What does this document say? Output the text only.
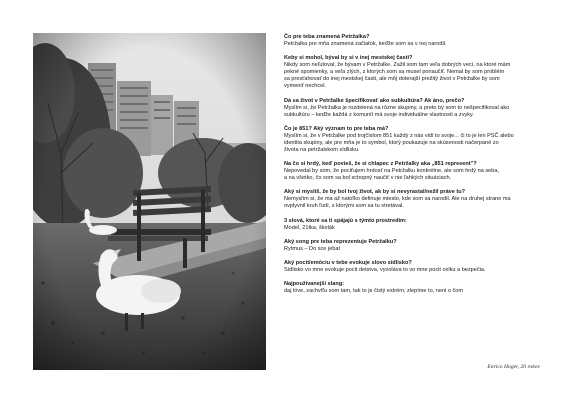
Čo pre teba znamená Petržalka?
Petržalka pre mňa znamená začiatok, keďže som sa v nej narodil.
Keby si mohol, býval by si v inej mestskej časti?
Nikdy som neľutoval, že bývam v Petržalke. Zažil som tam veľa dobrých vecí, na ktoré mám
pekné spomienky, a veľa zlých, z ktorých som sa musel ponaučiť. Nemal by som problém
sa presťahovať do inej mestskej časti, ale môj doterajší prežitý život v Petržalke by som
vymeniť nechcel.
Dá sa život v Petržalke špecifikovať ako subkultúra? Ak áno, prečo?
Myslím si, že Petržalka je rozdelená na rôzne skupiny, a preto by som to nešpecifikoval ako
subkultúru – keďže každá z komunít má svoje individuálne vlastnosti a zvyky.
Čo je 851? Aký význam to pre teba má?
Myslím si, že v Petržalke pod trojčíslom 851 každý z nás vidí to svoje... či to je len PSČ alebo
identita skupiny, ale pre mňa je to symbol, ktorý poukazuje na skúsenosti načerpané zo
života na petržalskom sídlisku.
Na čo si hrdý, keď povieš, že si chlapec z Petržalky aka „851 represent"?
Nepovedal by som, že pociťujem hrdosť na Petržalku konkrétne, ale som hrdý na seba,
a na všetko, čo som sa bol schopný naučiť v nie ľahkých situáciach.
Aký si myslíš, že by bol tvoj život, ak by si nevyrastal/nežil práve tu?
Nemyslím si, že ma až natoľko definuje miesto, kde som sa narodil. Ale na druhej strane ma
ovplyvnil kruh ľudí, s ktorými som sa tu stretával.
3 slová, ktoré sa ti spájajú s týmto prostredím:
Model, 21tka, školák
Aký song pre teba reprezentuje Petržalku?
Rytmus – Do sce jebat
Aký pocit/emóciu v tebe evokuje slovo sídlisko?
Sídlisko vo mne evokuje pocit detstva, vyvoláva to vo mne pocit celku a bezpečia.
Najpoužívanejší slang:
daj lóve, zachvíľu som tam, tak to je čistý extrém, zlepíme to, neni o čom
Enrico Hoger, 20 rokov
